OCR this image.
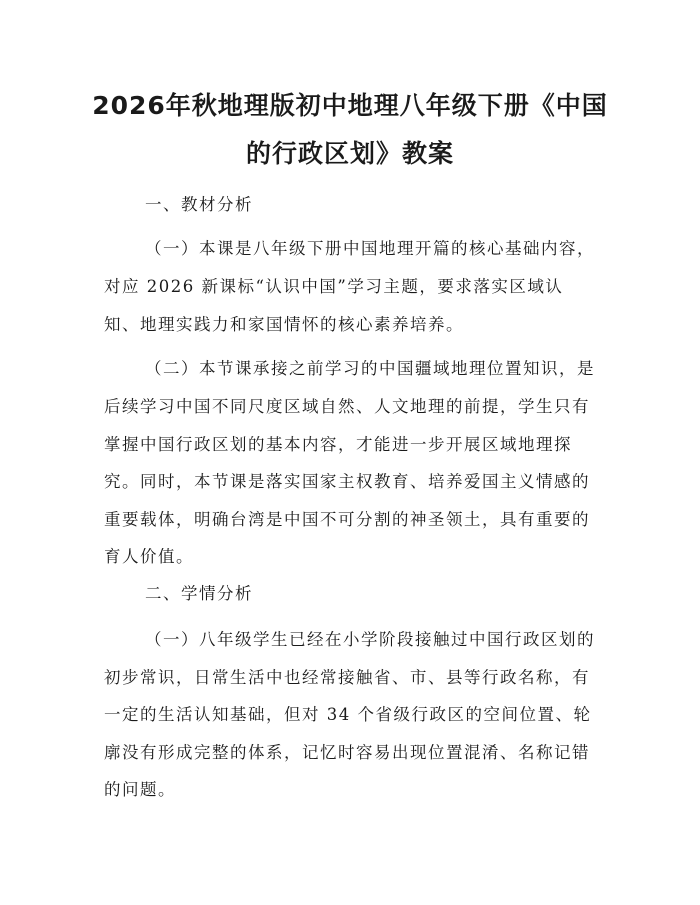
2026年秋地理版初中地理八年级下册《中国
的行政区划》教案
一、教材分析
（一）本课是八年级下册中国地理开篇的核心基础内容，
对应 2026 新课标“认识中国”学习主题，要求落实区域认
知、地理实践力和家国情怀的核心素养培养。
（二）本节课承接之前学习的中国疆域地理位置知识，是
后续学习中国不同尺度区域自然、人文地理的前提，学生只有
掌握中国行政区划的基本内容，才能进一步开展区域地理探
究。同时，本节课是落实国家主权教育、培养爱国主义情感的
重要载体，明确台湾是中国不可分割的神圣领土，具有重要的
育人价值。
二、学情分析
（一）八年级学生已经在小学阶段接触过中国行政区划的
初步常识，日常生活中也经常接触省、市、县等行政名称，有
一定的生活认知基础，但对 34 个省级行政区的空间位置、轮
廓没有形成完整的体系，记忆时容易出现位置混淆、名称记错
的问题。
